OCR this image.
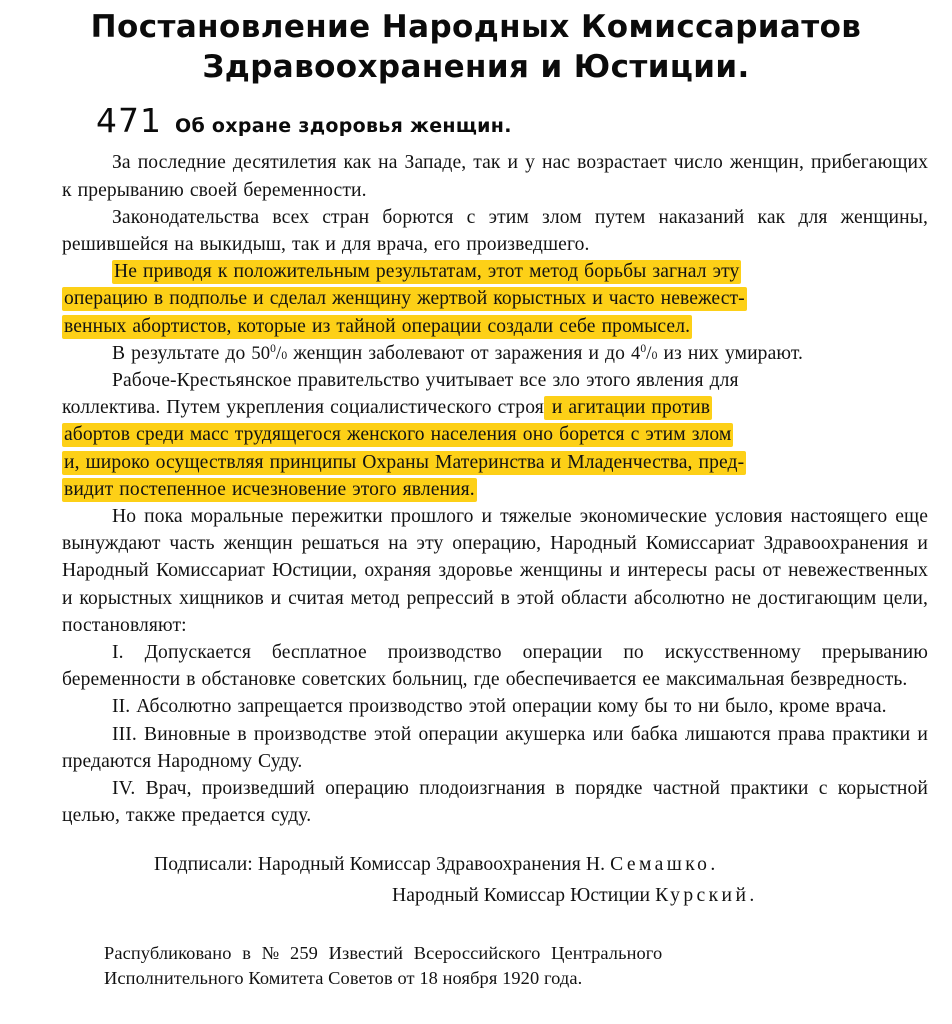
Постановление Народных Комиссариатов
Здравоохранения и Юстиции.
471 Об охране здоровья женщин.

За последние десятилетия как на Западе, так и у нас возрастает число женщин, прибегающих к прерыванию своей беременности.

Законодательства всех стран борются с этим злом путем наказаний как для женщины, решившейся на выкидыш, так и для врача, его произведшего.

Не приводя к положительным результатам, этот метод борьбы загнал эту
операцию в подполье и сделал женщину жертвой корыстных и часто невежест-
венных абортистов, которые из тайной операции создали себе промысел.

В результате до $50^0/0$ женщин заболевают от заражения и до $4^0/0$ из них умирают.

Рабоче-Крестьянское правительство учитывает все зло этого явления для
коллектива. Путем укрепления социалистического строя и агитации против
абортов среди масс трудящегося женского населения оно борется с этим злом
и, широко осуществляя принципы Охраны Материнства и Младенчества, пред-
видит постепенное исчезновение этого явления.

Но пока моральные пережитки прошлого и тяжелые экономические условия настоящего еще вынуждают часть женщин решаться на эту операцию, Народный Комиссариат Здравоохранения и Народный Комиссариат Юстиции, охраняя здоровье женщины и интересы расы от невежественных и корыстных хищников и считая метод репрессий в этой области абсолютно не достигающим цели, постановляют:

I. Допускается бесплатное производство операции по искусственному прерыванию беременности в обстановке советских больниц, где обеспечивается ее максимальная безвредность.

II. Абсолютно запрещается производство этой операции кому бы то ни было, кроме врача.

III. Виновные в производстве этой операции акушерка или бабка лишаются права практики и предаются Народному Суду.

IV. Врач, произведший операцию плодоизгнания в порядке частной практики с корыстной целью, также предается суду.

Подписали: Народный Комиссар Здравоохранения Н. Семашко.
Народный Комиссар Юстиции Курский.
Распубликовано в № 259 Известий Всероссийского Центрального
Исполнительного Комитета Советов от 18 ноября 1920 года.
